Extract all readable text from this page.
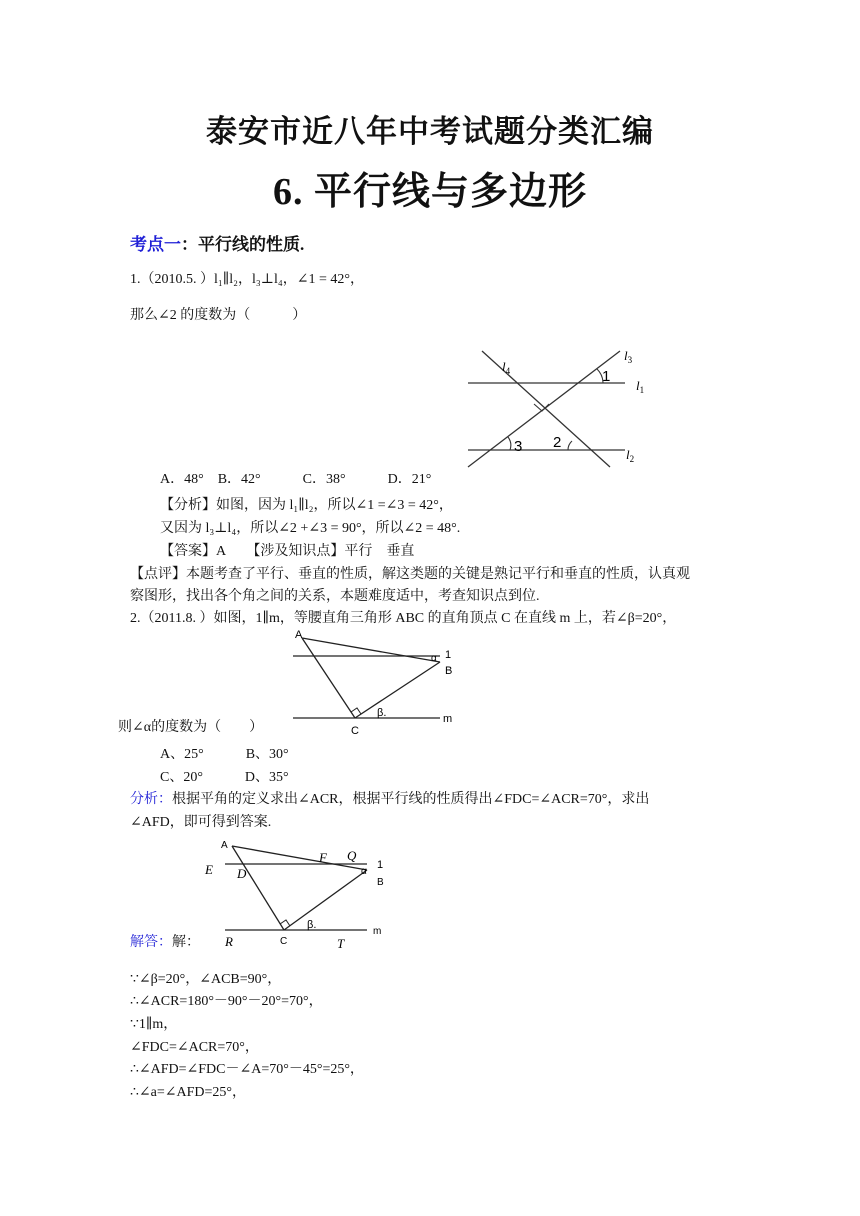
泰安市近八年中考试题分类汇编
6. 平行线与多边形
考点一：平行线的性质.
1.（2010.5. ）l₁∥l₂，l₃⊥l₄，∠1 = 42°，
那么∠2 的度数为（　　　）
$l_3$
$l_1$
$l_2$
$l_4$	1
2
3
A．48°　B．42°　　　C．38°　　　D．21°
【分析】如图，因为 l₁∥l₂，所以∠1 =∠3 = 42°，
又因为 l₃⊥l₄，所以∠2 +∠3 = 90°，所以∠2 = 48°.
【答案】A　　【涉及知识点】平行　垂直
【点评】本题考查了平行、垂直的性质，解这类题的关键是熟记平行和垂直的性质，认真观
察图形，找出各个角之间的关系，本题难度适中，考查知识点到位.
2.（2011.8. ）如图，1∥m，等腰直角三角形 ABC 的直角顶点 C 在直线 m 上，若∠β=20°，
A
1
B
C
m
α
β.
则∠α的度数为（　　）
A、25°　　　B、30°
C、20°　　　D、35°
分析：根据平角的定义求出∠ACR，根据平行线的性质得出∠FDC=∠ACR=70°，求出
∠AFD，即可得到答案.
A
E D
F Q
1
B
α
β.
C
R	T
m
解答：解：
∵∠β=20°，∠ACB=90°，
∴∠ACR=180°－90°－20°=70°，
∵1∥m，
∠FDC=∠ACR=70°，
∴∠AFD=∠FDC－∠A=70°－45°=25°，
∴∠a=∠AFD=25°，
